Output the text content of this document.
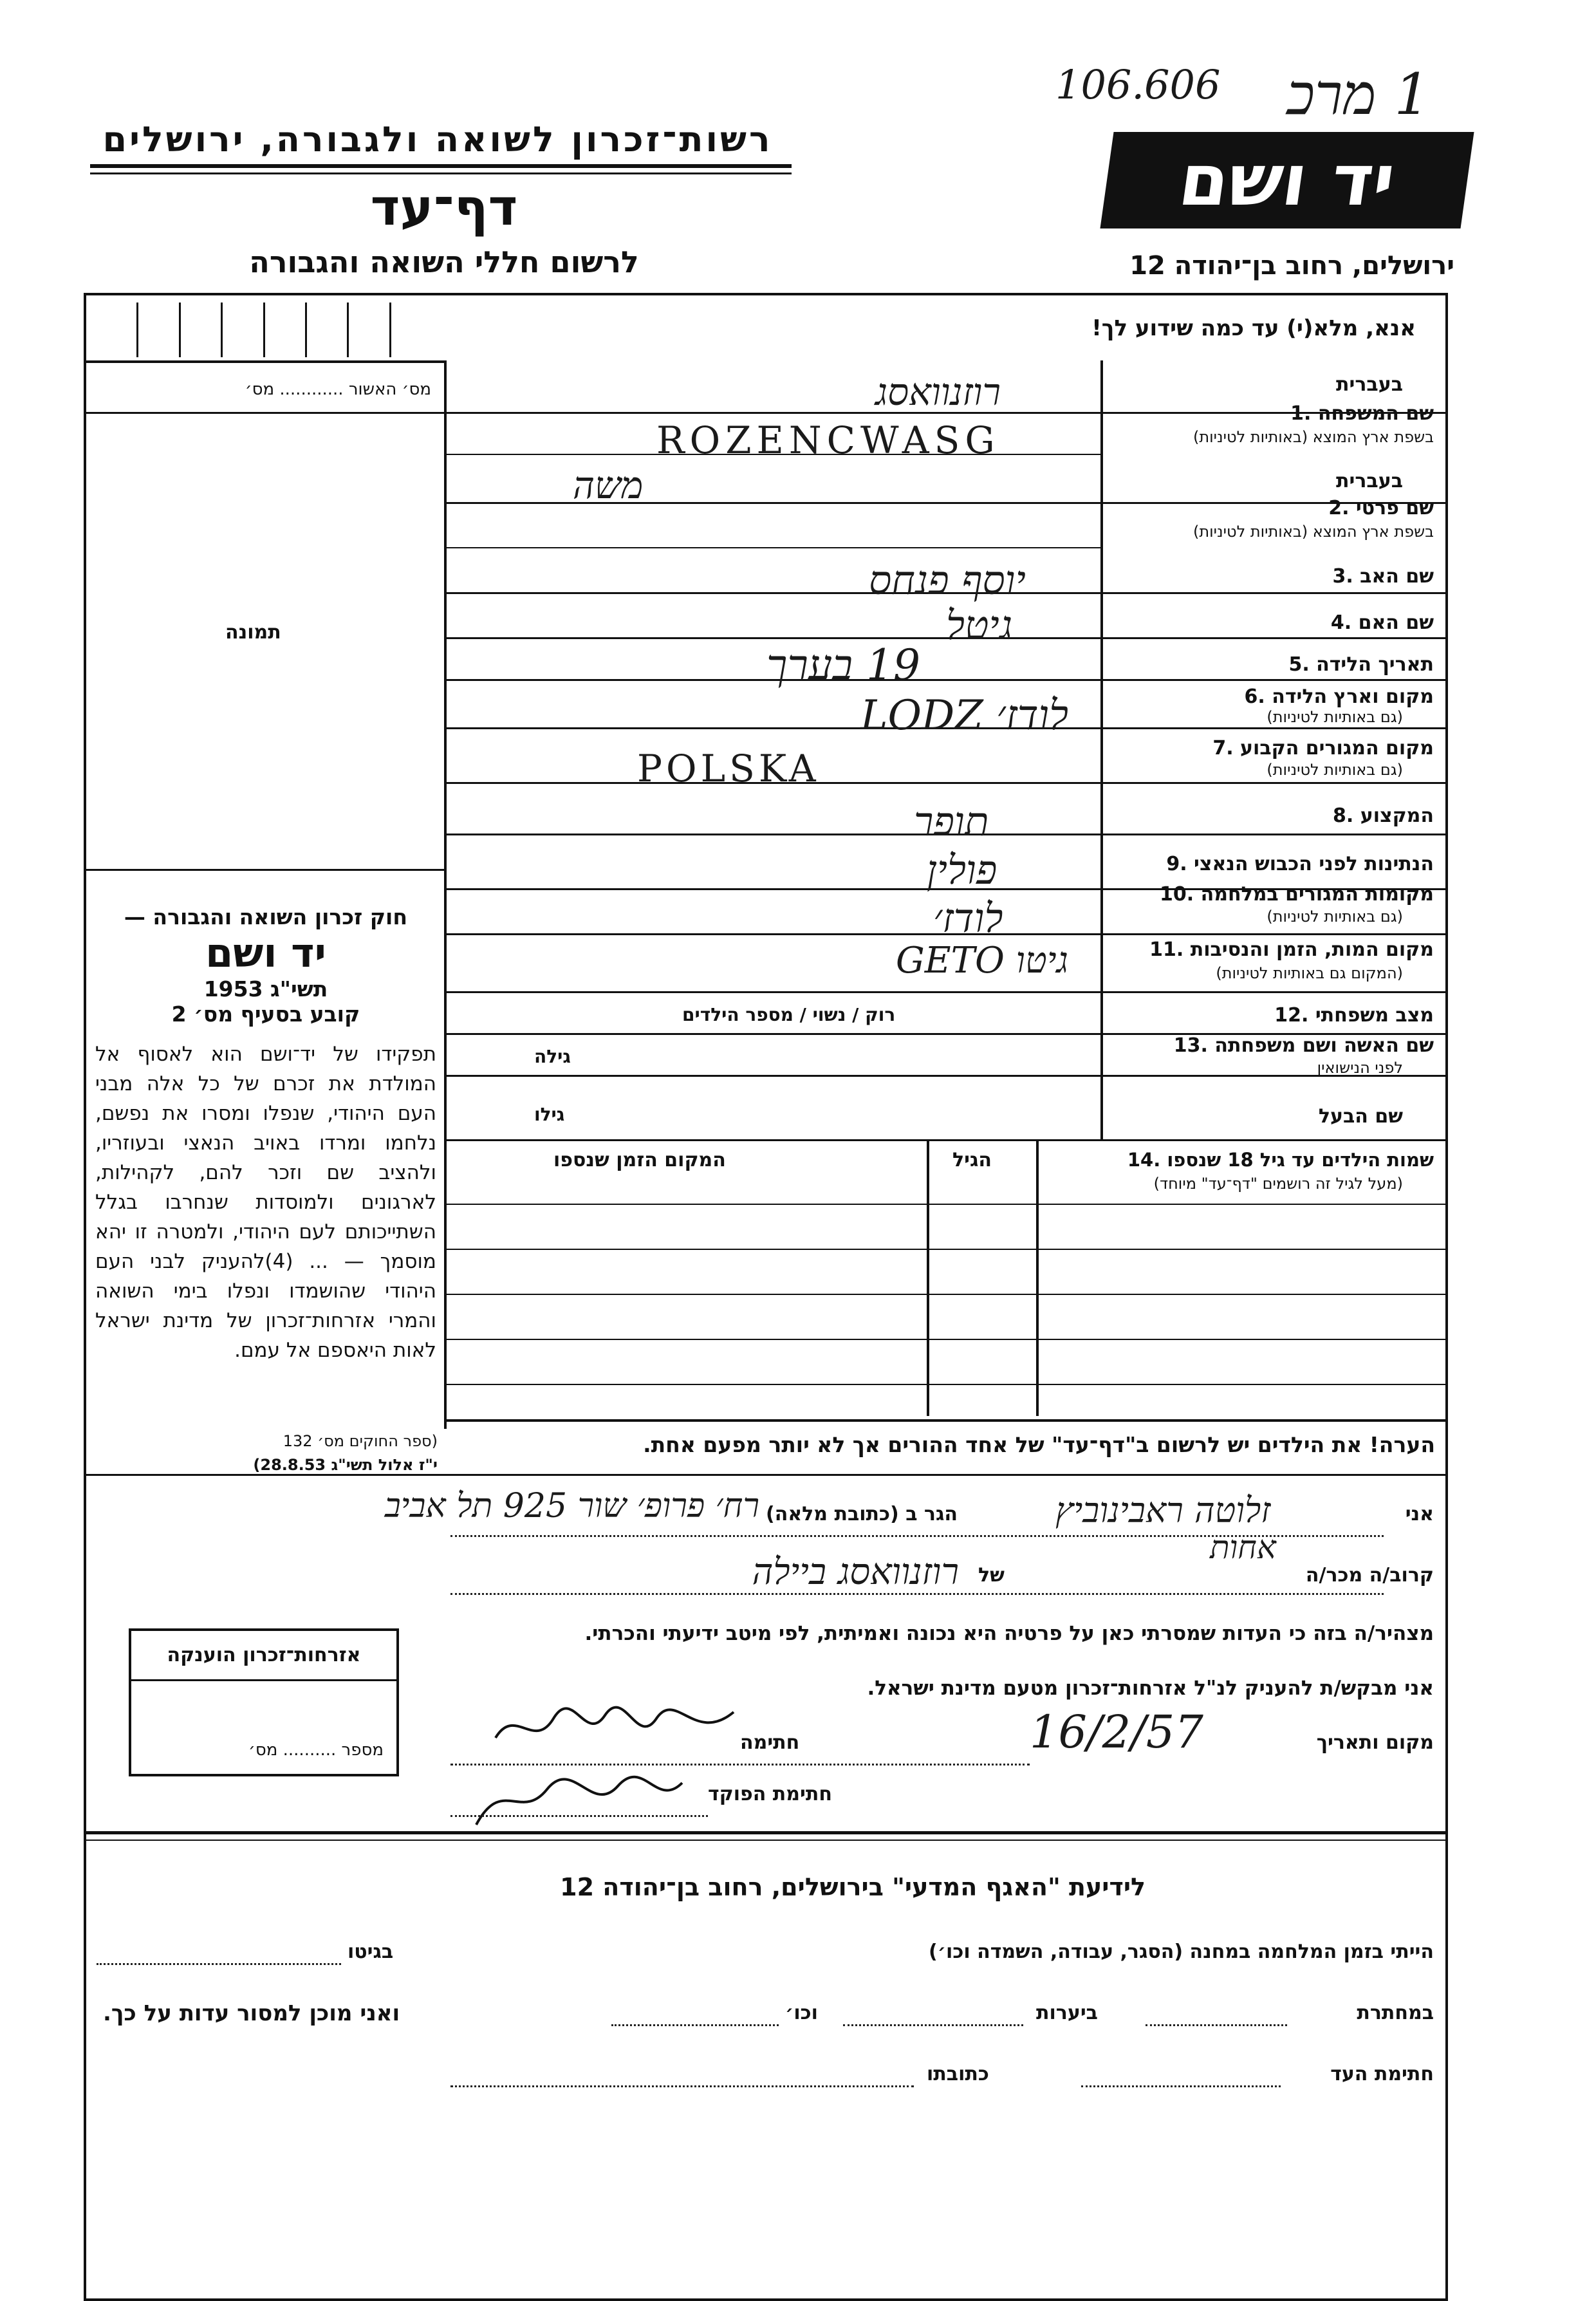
106.606 1 מרכ
רשות־זכרון לשואה ולגבורה, ירושלים
דף־עד
לרשום חללי השואה והגבורה
יד ושם
ירושלים, רחוב בן־יהודה 12
אנא, מלא(י) עד כמה שידוע לך!
מס׳ האשור ............ מס׳
תמונה

חוק זכרון השואה והגבורה —

יד ושם

תשי"ג 1953

קובע בסעיף מס׳ 2

תפקידו של יד־ושם הוא לאסוף אל המולדת את זכרם של כל אלה מבני העם היהודי, שנפלו ומסרו את נפשם, נלחמו ומרדו באויב הנאצי ובעוזריו, ולהציב שם וזכר להם, לקהילות, לארגונים ולמוסדות שנחרבו בגלל השתייכותם לעם היהודי, ולמטרה זו יהא מוסמך — ... (4)להעניק לבני העם היהודי שהושמדו ונפלו בימי השואה והמרי אזרחות־זכרון של מדינת ישראל לאות היאספם אל עמם.

(ספר החוקים מס׳ 132
י"ז אלול תשי"ג 28.8.53)
בעברית
שם המשפחה .1
בשפת ארץ המוצא (באותיות לטיניות)
בעברית
שם פרטי .2
בשפת ארץ המוצא (באותיות לטיניות)
שם האב .3
שם האם .4
תאריך הלידה .5
מקום וארץ הלידה .6
(גם באותיות לטיניות)
מקום המגורים הקבוע .7
(גם באותיות לטיניות)
המקצוע .8
הנתינות לפני הכבוש הנאצי .9
מקומות המגורים במלחמה .10
(גם באותיות לטיניות)
מקום המות, הזמן והנסיבות .11
(המקום גם באותיות לטיניות)
מצב משפחתי .12
שם האשה ושם משפחתה .13
לפני הנישואין
שם הבעל
רוק / נשוי / מספר הילדים
גילה
גילו
רוזנוואסג
ROZENCWASG
משה
יוסף פנחס
גיטל
19 בערך
לודז׳ LODZ
POLSKA
תופר
פולין
לודז׳
גיטו GETO
שמות הילדים עד גיל 18 שנספו .14
(מעל לגיל זה רושמים "דף־עד" מיוחד)
הגיל
המקום הזמן שנספו
הערה! את הילדים יש לרשום ב"דף־עד" של אחד ההורים אך לא יותר מפעם אחת.
אני
זלוטה ראבינוביץ
הגר ב (כתובת מלאה)
רח׳ פרופ׳ שור 925 תל אביב
קרוב/ה מכר/ה
אחות
של
רוזנוואסג ביילה
מצהיר/ה בזה כי העדות שמסרתי כאן על פרטיה היא נכונה ואמיתית, לפי מיטב ידיעתי והכרתי.
אני מבקש/ת להעניק לנ"ל אזרחות־זכרון מטעם מדינת ישראל.
מקום ותאריך
16/2/57
חתימה
חתימת הפוקד
אזרחות־זכרון הוענקה
מספר .......... מס׳
לידיעת "האגף המדעי" בירושלים, רחוב בן־יהודה 12
הייתי בזמן המלחמה במחנה (הסגר, עבודה, השמדה וכו׳)
בגיטו
במחתרת
ביערות
וכו׳
ואני מוכן למסור עדות על כך.
חתימת העד
כתובתו
